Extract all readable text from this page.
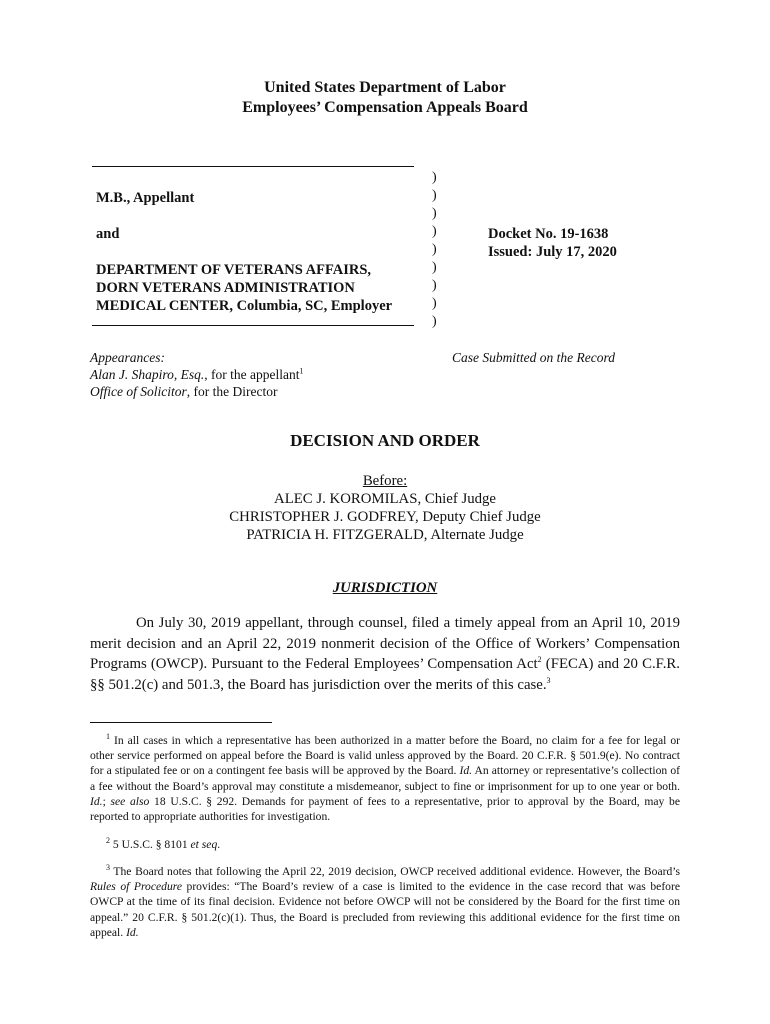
United States Department of Labor
Employees’ Compensation Appeals Board
M.B., Appellant
and
DEPARTMENT OF VETERANS AFFAIRS,
DORN VETERANS ADMINISTRATION
MEDICAL CENTER, Columbia, SC, Employer
)
)
)
)
)
)
)
)
)
Docket No. 19-1638
Issued: July 17, 2020
Appearances:
Alan J. Shapiro, Esq., for the appellant$^1$
Office of Solicitor, for the Director
Case Submitted on the Record
DECISION AND ORDER
Before:
ALEC J. KOROMILAS, Chief Judge
CHRISTOPHER J. GODFREY, Deputy Chief Judge
PATRICIA H. FITZGERALD, Alternate Judge
JURISDICTION
On July 30, 2019 appellant, through counsel, filed a timely appeal from an April 10, 2019 merit decision and an April 22, 2019 nonmerit decision of the Office of Workers’ Compensation Programs (OWCP). Pursuant to the Federal Employees’ Compensation Act$^2$ (FECA) and 20 C.F.R. §§ 501.2(c) and 501.3, the Board has jurisdiction over the merits of this case.$^3$
$^1$ In all cases in which a representative has been authorized in a matter before the Board, no claim for a fee for legal or other service performed on appeal before the Board is valid unless approved by the Board. 20 C.F.R. § 501.9(e). No contract for a stipulated fee or on a contingent fee basis will be approved by the Board. Id. An attorney or representative’s collection of a fee without the Board’s approval may constitute a misdemeanor, subject to fine or imprisonment for up to one year or both. Id.; see also 18 U.S.C. § 292. Demands for payment of fees to a representative, prior to approval by the Board, may be reported to appropriate authorities for investigation.
$^2$ 5 U.S.C. § 8101 et seq.
$^3$ The Board notes that following the April 22, 2019 decision, OWCP received additional evidence. However, the Board’s Rules of Procedure provides: “The Board’s review of a case is limited to the evidence in the case record that was before OWCP at the time of its final decision. Evidence not before OWCP will not be considered by the Board for the first time on appeal.” 20 C.F.R. § 501.2(c)(1). Thus, the Board is precluded from reviewing this additional evidence for the first time on appeal. Id.
